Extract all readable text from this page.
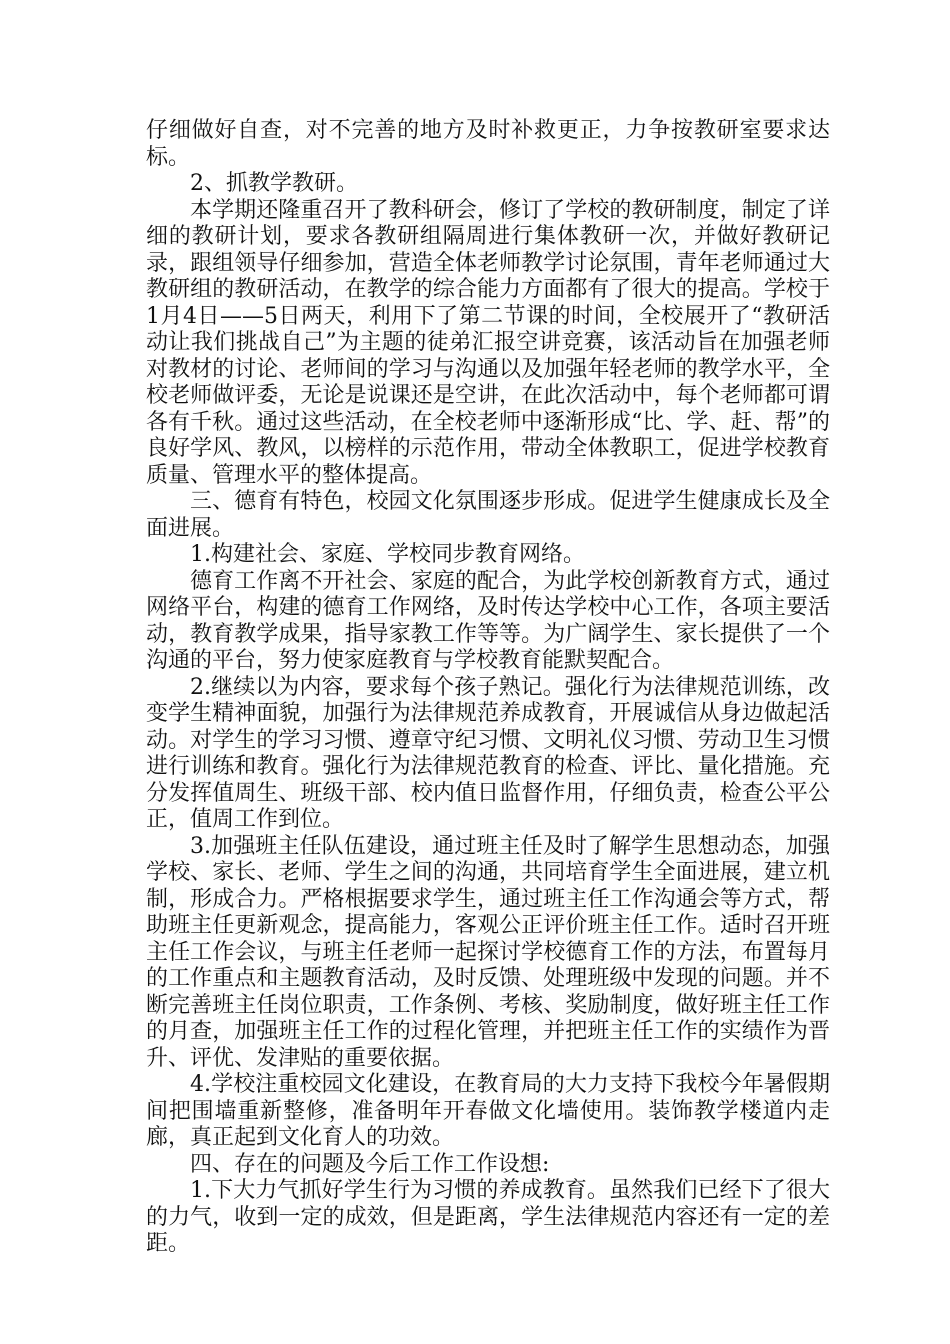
仔细做好自查，对不完善的地方及时补救更正，力争按教研室要求达标。

2、抓教学教研。

本学期还隆重召开了教科研会，修订了学校的教研制度，制定了详细的教研计划，要求各教研组隔周进行集体教研一次，并做好教研记录，跟组领导仔细参加，营造全体老师教学讨论氛围，青年老师通过大教研组的教研活动，在教学的综合能力方面都有了很大的提高。学校于1月4日——5日两天，利用下了第二节课的时间，全校展开了“教研活动让我们挑战自己”为主题的徒弟汇报空讲竞赛，该活动旨在加强老师对教材的讨论、老师间的学习与沟通以及加强年轻老师的教学水平，全校老师做评委，无论是说课还是空讲，在此次活动中，每个老师都可谓各有千秋。通过这些活动，在全校老师中逐渐形成“比、学、赶、帮”的良好学风、教风，以榜样的示范作用，带动全体教职工，促进学校教育质量、管理水平的整体提高。

三、德育有特色，校园文化氛围逐步形成。促进学生健康成长及全面进展。

1.构建社会、家庭、学校同步教育网络。

德育工作离不开社会、家庭的配合，为此学校创新教育方式，通过网络平台，构建的德育工作网络，及时传达学校中心工作，各项主要活动，教育教学成果，指导家教工作等等。为广阔学生、家长提供了一个沟通的平台，努力使家庭教育与学校教育能默契配合。

2.继续以为内容，要求每个孩子熟记。强化行为法律规范训练，改变学生精神面貌，加强行为法律规范养成教育，开展诚信从身边做起活动。对学生的学习习惯、遵章守纪习惯、文明礼仪习惯、劳动卫生习惯进行训练和教育。强化行为法律规范教育的检查、评比、量化措施。充分发挥值周生、班级干部、校内值日监督作用，仔细负责，检查公平公正，值周工作到位。

3.加强班主任队伍建设，通过班主任及时了解学生思想动态，加强学校、家长、老师、学生之间的沟通，共同培育学生全面进展，建立机制，形成合力。严格根据要求学生，通过班主任工作沟通会等方式，帮助班主任更新观念，提高能力，客观公正评价班主任工作。适时召开班主任工作会议，与班主任老师一起探讨学校德育工作的方法，布置每月的工作重点和主题教育活动，及时反馈、处理班级中发现的问题。并不断完善班主任岗位职责，工作条例、考核、奖励制度，做好班主任工作的月查，加强班主任工作的过程化管理，并把班主任工作的实绩作为晋升、评优、发津贴的重要依据。

4.学校注重校园文化建设，在教育局的大力支持下我校今年暑假期间把围墙重新整修，准备明年开春做文化墙使用。装饰教学楼道内走廊，真正起到文化育人的功效。

四、存在的问题及今后工作工作设想:

1.下大力气抓好学生行为习惯的养成教育。虽然我们已经下了很大的力气，收到一定的成效，但是距离，学生法律规范内容还有一定的差距。
